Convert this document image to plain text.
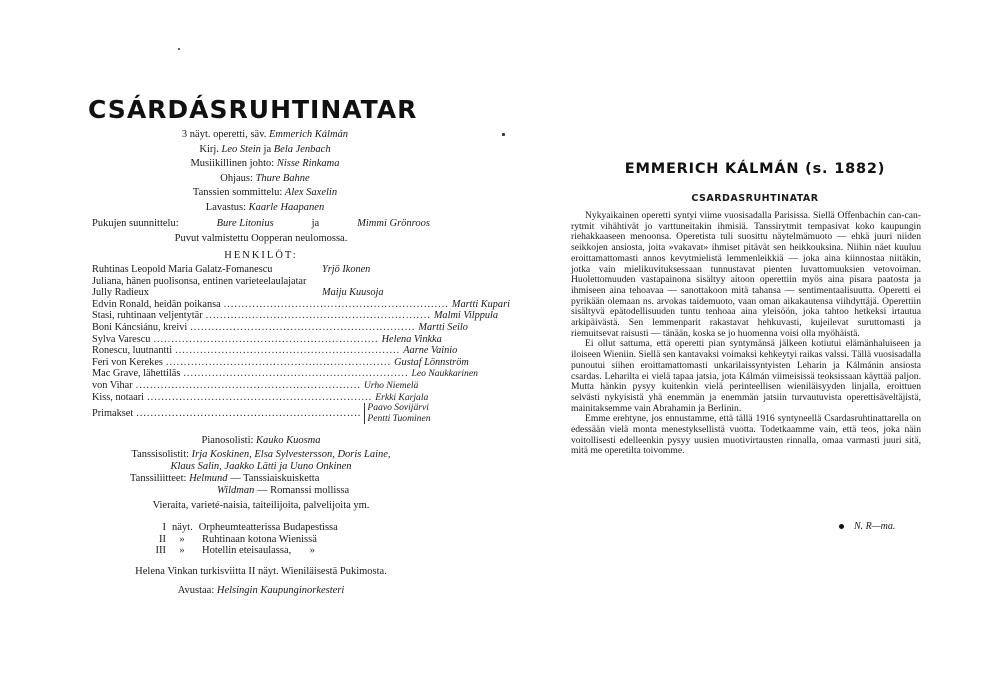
CSÁRDÁSRUHTINATAR
3 näyt. operetti, säv. Emmerich Kálmán
Kirj. Leo Stein ja Bela Jenbach
Musiikillinen johto: Nisse Rinkama
Ohjaus: Thure Bahne
Tanssien sommittelu: Alex Saxelin
Lavastus: Kaarle Haapanen
Pukujen suunnittelu:	Bure Litonius	ja	Mimmi Grönroos
Puvut valmistettu Oopperan neulomossa.
HENKILÖT:
Ruhtinas Leopold Maria Galatz-Fomanescu	Yrjö Ikonen
Juliana, hänen puolisonsa, entinen varieteelaulajatar Jully Radieux	Maiju Kuusoja
Edvin Ronald, heidän poikansa ............................................................... Martti Kupari
Stasi, ruhtinaan veljentytär ............................................................... Malmi Vilppula
Boni Káncsiánu, kreivi ............................................................... Martti Seilo
Sylva Varescu ............................................................... Helena Vinkka
Ronescu, luutnantti ............................................................... Aarne Vainio
Feri von Kerekes ............................................................... Gustaf Lönnström
Mac Grave, lähettiläs ............................................................... Leo Naukkarinen
von Vihar ............................................................... Urho Niemelä
Kiss, notaari ............................................................... Erkki Karjala
Primakset ...............................................................
Paavo Sovijärvi
Pentti Tuominen
Pianosolisti: Kauko Kuosma
Tanssisolistit: Irja Koskinen, Elsa Sylvestersson, Doris Laine,
Klaus Salin, Jaakko Lätti ja Uuno Onkinen
Tanssiliitteet: Helmund — Tanssiaiskuisketta
Wildman — Romanssi mollissa
Vieraita, varieté-naisia, taiteilijoita, palvelijoita ym.
I näyt. Orpheumteatterissa Budapestissa
II	»	Ruhtinaan kotona Wienissä
III	»	Hotellin eteisaulassa,       »
Helena Vinkan turkisviitta II näyt. Wieniläisestä Pukimosta.
Avustaa: Helsingin Kaupunginorkesteri
EMMERICH KÁLMÁN (s. 1882)
CSARDASRUHTINATAR

Nykyaikainen operetti syntyi viime vuosisadalla Parisissa. Siellä Offenbachin can-can-rytmit vihähtivät jo varttuneitakin ihmisiä. Tanssirytmit tempasivat koko kaupungin riehakkaaseen menoonsa. Operetista tuli suosittu näytelmämuoto — ehkä juuri niiden seikkojen ansiosta, joita »vakavat» ihmiset pitävät sen heikkouksina. Niihin näet kuuluu eroittamattomasti annos kevytmielistä lemmenleikkiä — joka aina kiinnostaa niitäkin, jotka vain mielikuvituksessaan tunnustavat pienten luvattomuuksien vetovoiman. Huolettomuuden vastapainona sisältyy aitoon operettiin myös aina pisara paatosta ja ihmiseen aina tehoavaa — sanottakoon mitä tahansa — sentimentaalisuutta. Operetti ei pyrikään olemaan ns. arvokas taidemuoto, vaan oman aikakautensa viihdyttäjä. Operettiin sisältyvä epätodellisuuden tuntu tenhoaa aina yleisöön, joka tahtoo hetkeksi irtautua arkipäivästä. Sen lemmenparit rakastavat hehkuvasti, kujeilevat suruttomasti ja riemuitsevat raisusti — tänään, koska se jo huomenna voisi olla myöhäistä.

Ei ollut sattuma, että operetti pian syntymänsä jälkeen kotiutui elämänhaluiseen ja iloiseen Wieniin. Siellä sen kantavaksi voimaksi kehkeytyi raikas valssi. Tällä vuosisadalla punoutui siihen eroittamattomasti unkarilaissyntyisten Leharin ja Kálmánin ansiosta csardas. Leharilta ei vielä tapaa jatsia, jota Kálmán viimeisissä teoksissaan käyttää paljon. Mutta hänkin pysyy kuitenkin vielä perinteellisen wieniläisyyden linjalla, eroittuen selvästi nykyisistä yhä enemmän ja enemmän jatsiin turvautuvista operettisäveltäjistä, mainitaksemme vain Abrahamin ja Berlinin.

Emme erehtyne, jos ennustamme, että tällä 1916 syntyneellä Csardasruhtinattarella on edessään vielä monta menestyksellistä vuotta. Todetkaamme vain, että teos, joka näin voitollisesti edelleenkin pysyy uusien muotivirtausten rinnalla, omaa varmasti juuri sitä, mitä me operetilta toivomme.

N. R—ma.
